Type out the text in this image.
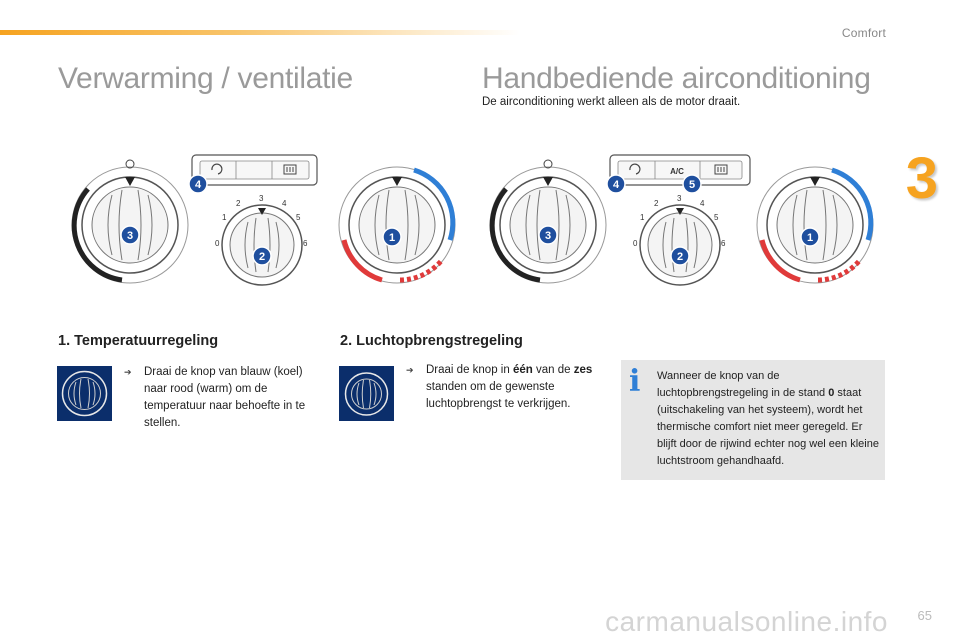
Comfort
3
Verwarming / ventilatie	Handbediende airconditioning
De airconditioning werkt alleen als de motor draait.
3
4
0
1
2
3
4
5
6
2
1
A/C
3
4	5
0
1
2
3
4
5
6
2
1
1. Temperatuurregeling
➔	Draai de knop van blauw (koel) naar rood (warm) om de temperatuur naar behoefte in te stellen.
2. Luchtopbrengstregeling
➔	Draai de knop in één van de zes standen om de gewenste luchtopbrengst te verkrijgen.
i Wanneer de knop van de luchtopbrengstregeling in de stand 0 staat (uitschakeling van het systeem), wordt het thermische comfort niet meer geregeld. Er blijft door de rijwind echter nog wel een kleine luchtstroom gehandhaafd.
carmanualsonline.info 65
